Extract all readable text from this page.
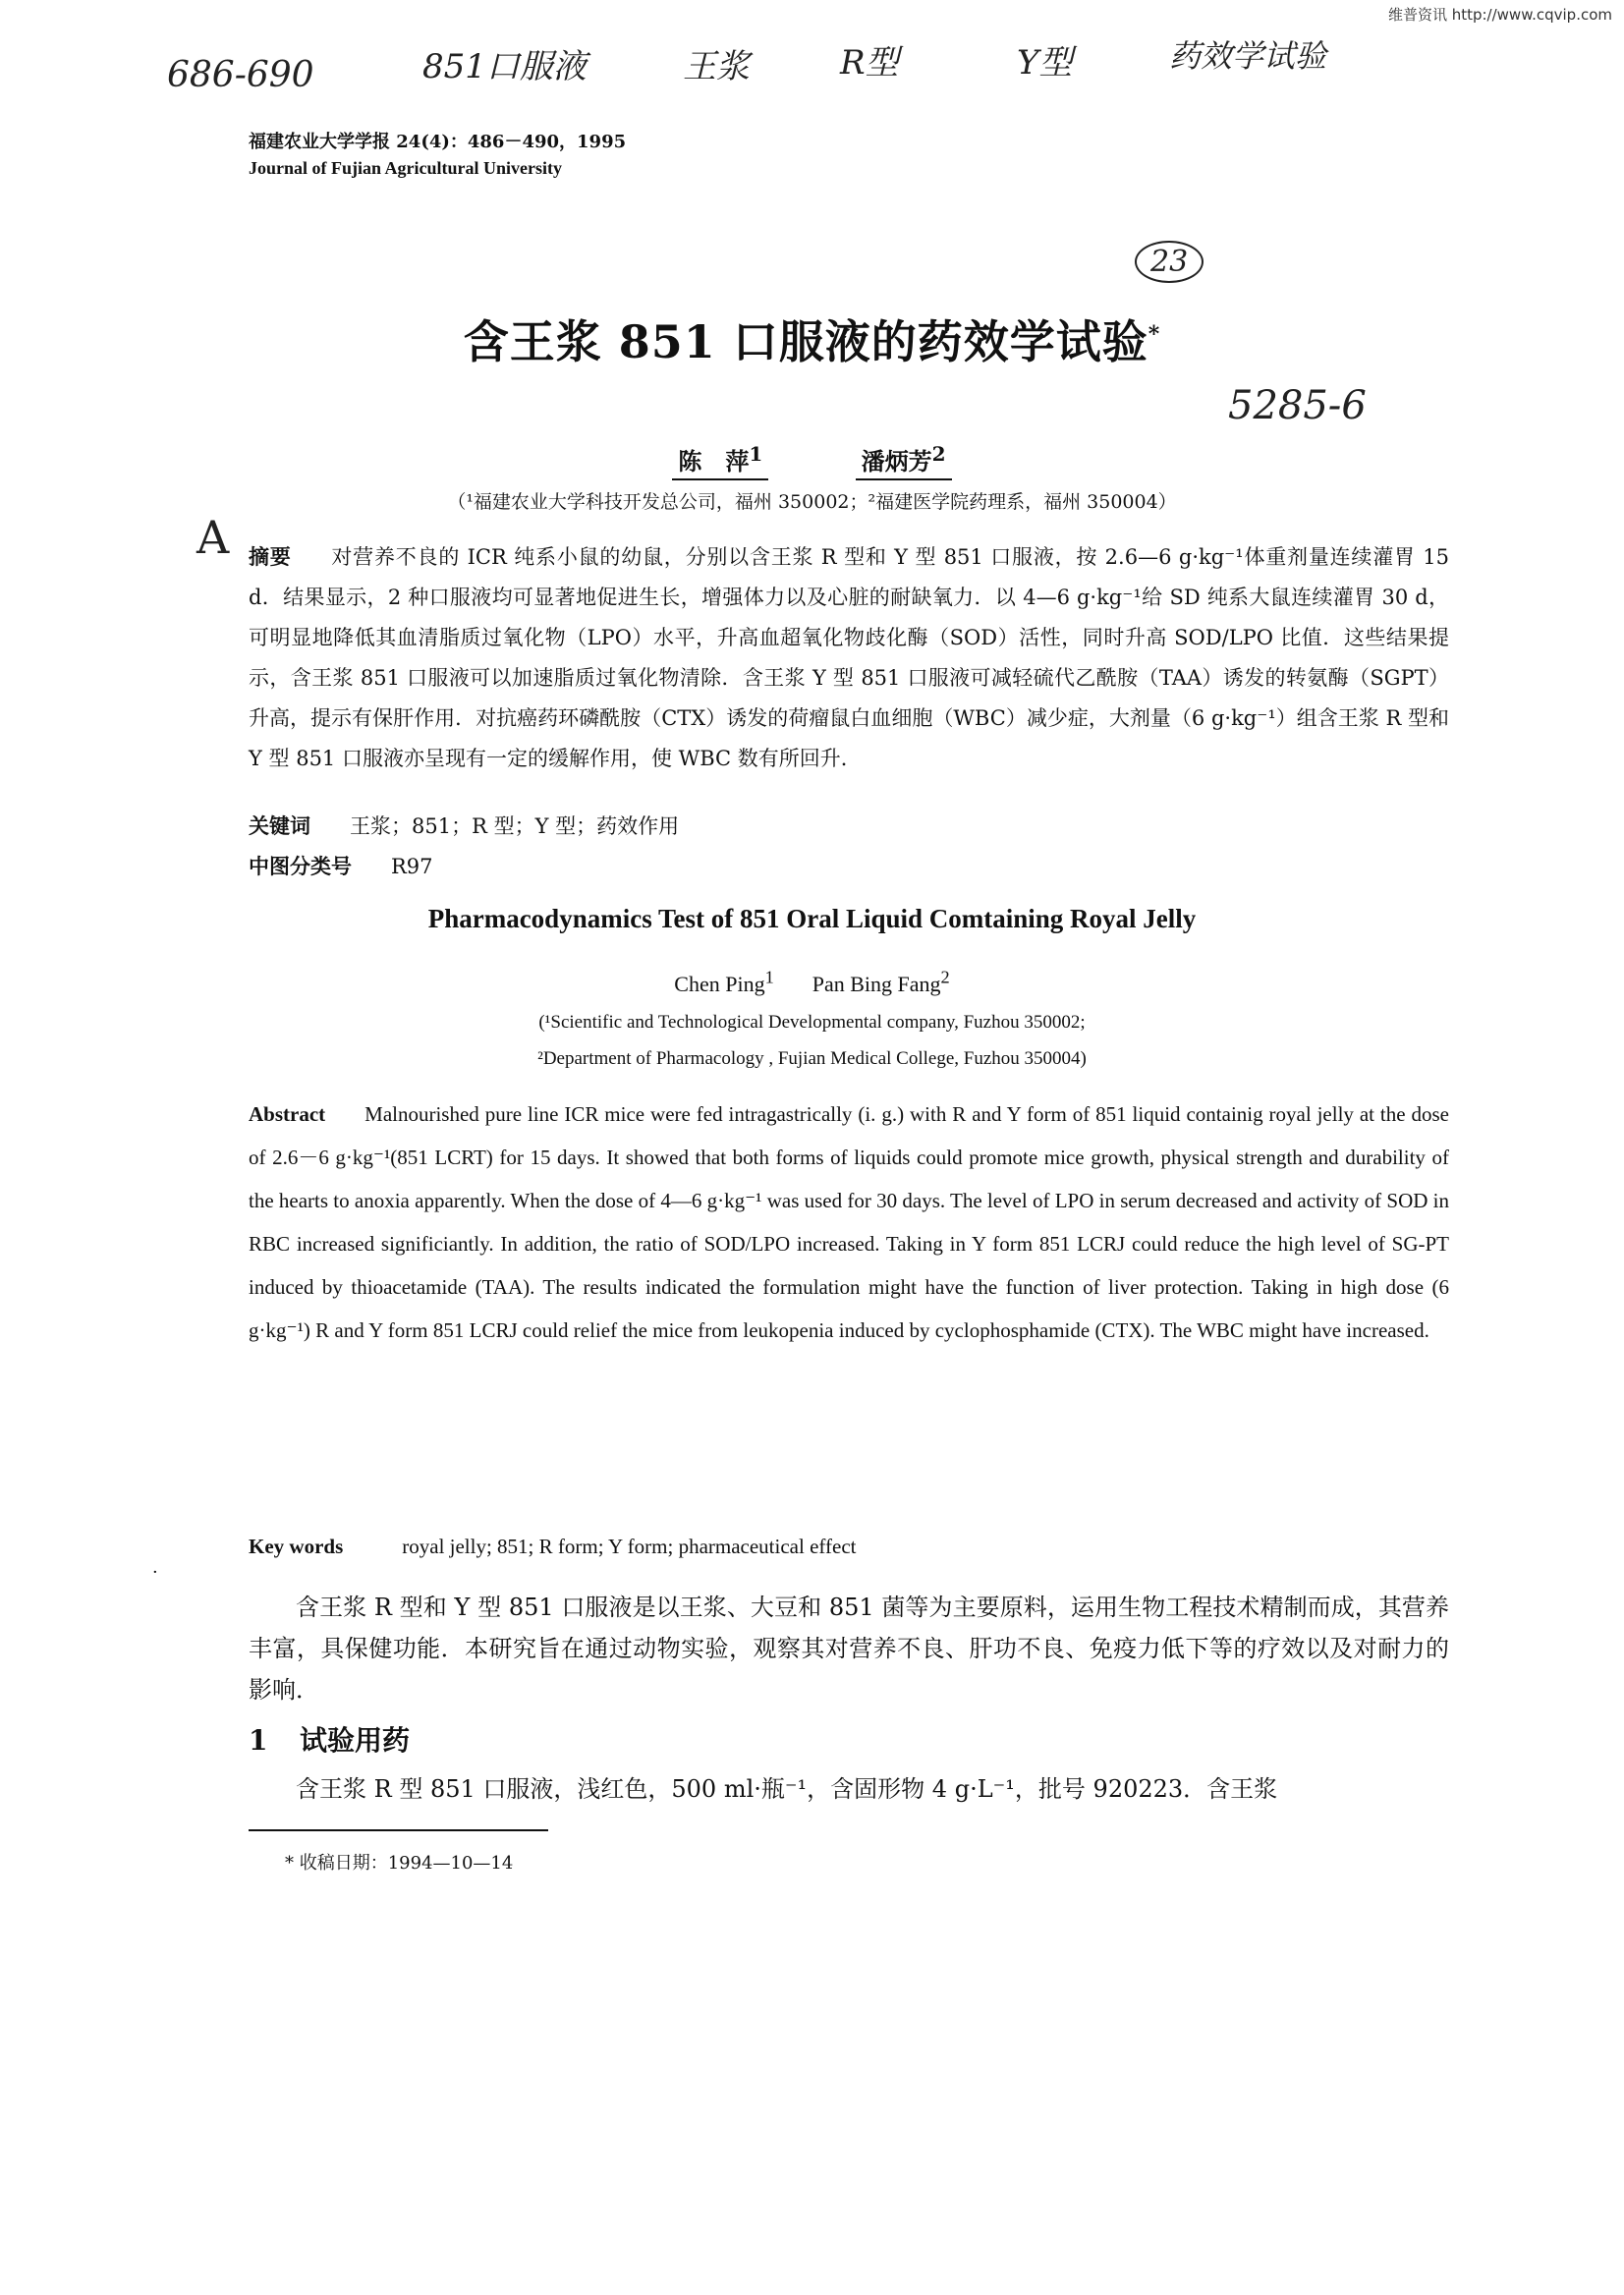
维普资讯 http://www.cqvip.com
686-690	851口服液	王浆	R型	Y型	药效学试验
福建农业大学学报 24(4)：486－490，1995
Journal of Fujian Agricultural University
23
含王浆 851 口服液的药效学试验*
5285-6
陈　萍$^1$	潘炳芳$^2$
（¹福建农业大学科技开发总公司，福州 350002；²福建医学院药理系，福州 350004）
A 摘要 对营养不良的 ICR 纯系小鼠的幼鼠，分别以含王浆 R 型和 Y 型 851 口服液，按 2.6—6 g·kg⁻¹体重剂量连续灌胃 15 d．结果显示，2 种口服液均可显著地促进生长，增强体力以及心脏的耐缺氧力．以 4—6 g·kg⁻¹给 SD 纯系大鼠连续灌胃 30 d，可明显地降低其血清脂质过氧化物（LPO）水平，升高血超氧化物歧化酶（SOD）活性，同时升高 SOD/LPO 比值．这些结果提示，含王浆 851 口服液可以加速脂质过氧化物清除．含王浆 Y 型 851 口服液可减轻硫代乙酰胺（TAA）诱发的转氨酶（SGPT）升高，提示有保肝作用．对抗癌药环磷酰胺（CTX）诱发的荷瘤鼠白血细胞（WBC）减少症，大剂量（6 g·kg⁻¹）组含王浆 R 型和 Y 型 851 口服液亦呈现有一定的缓解作用，使 WBC 数有所回升．
关键词 王浆；851；R 型；Y 型；药效作用
中图分类号 R97
Pharmacodynamics Test of 851 Oral Liquid Comtaining Royal Jelly
Chen Ping$^1$ Pan Bing Fang$^2$
(¹Scientific and Technological Developmental company, Fuzhou 350002;
²Department of Pharmacology , Fujian Medical College, Fuzhou 350004)
Abstract Malnourished pure line ICR mice were fed intragastrically (i. g.) with R and Y form of 851 liquid containig royal jelly at the dose of 2.6－6 g·kg⁻¹(851 LCRT) for 15 days. It showed that both forms of liquids could promote mice growth, physical strength and durability of the hearts to anoxia apparently. When the dose of 4—6 g·kg⁻¹ was used for 30 days. The level of LPO in serum decreased and activity of SOD in RBC increased significiantly. In addition, the ratio of SOD/LPO increased. Taking in Y form 851 LCRJ could reduce the high level of SG-PT induced by thioacetamide (TAA). The results indicated the formulation might have the function of liver protection. Taking in high dose (6 g·kg⁻¹) R and Y form 851 LCRJ could relief the mice from leukopenia induced by cyclophosphamide (CTX). The WBC might have increased.
Key words	royal jelly; 851; R form; Y form; pharmaceutical effect
·
含王浆 R 型和 Y 型 851 口服液是以王浆、大豆和 851 菌等为主要原料，运用生物工程技术精制而成，其营养丰富，具保健功能．本研究旨在通过动物实验，观察其对营养不良、肝功不良、免疫力低下等的疗效以及对耐力的影响．
1 试验用药
含王浆 R 型 851 口服液，浅红色，500 ml·瓶⁻¹，含固形物 4 g·L⁻¹，批号 920223．含王浆
* 收稿日期：1994—10—14
